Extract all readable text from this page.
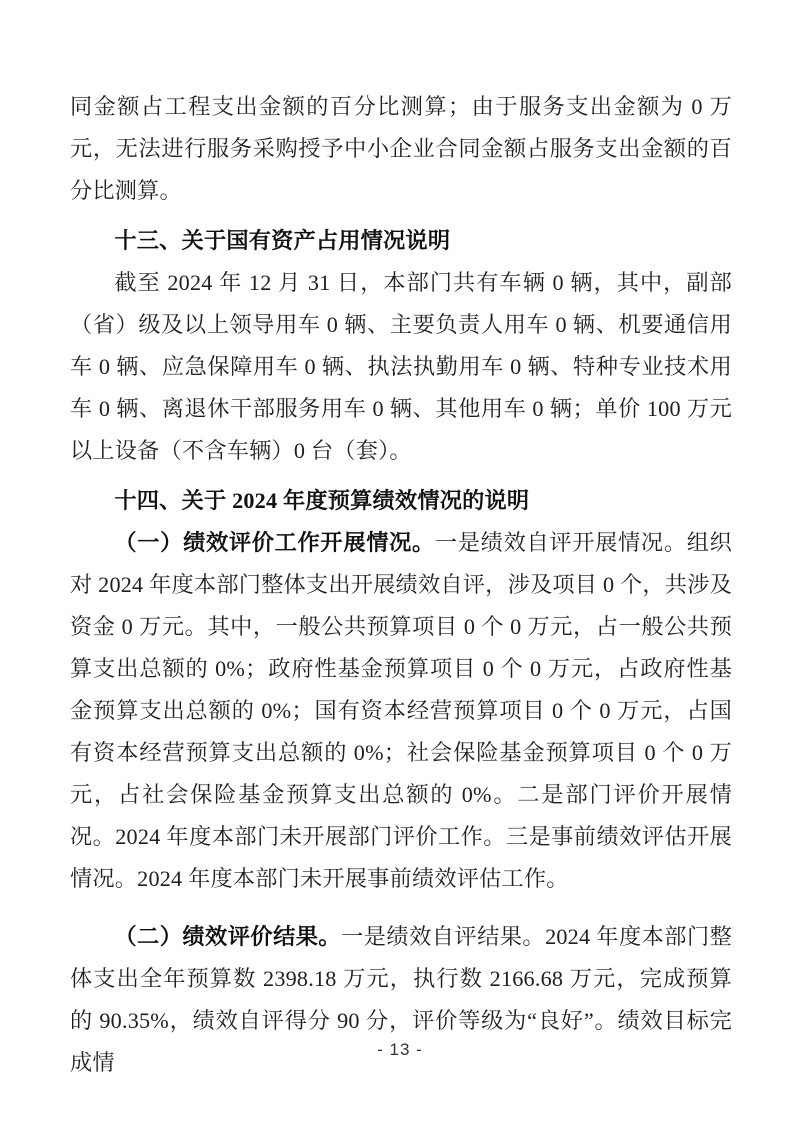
同金额占工程支出金额的百分比测算；由于服务支出金额为 0 万元，无法进行服务采购授予中小企业合同金额占服务支出金额的百分比测算。

十三、关于国有资产占用情况说明

截至 2024 年 12 月 31 日，本部门共有车辆 0 辆，其中，副部（省）级及以上领导用车 0 辆、主要负责人用车 0 辆、机要通信用车 0 辆、应急保障用车 0 辆、执法执勤用车 0 辆、特种专业技术用车 0 辆、离退休干部服务用车 0 辆、其他用车 0 辆；单价 100 万元以上设备（不含车辆）0 台（套）。

十四、关于 2024 年度预算绩效情况的说明

（一）绩效评价工作开展情况。一是绩效自评开展情况。组织对 2024 年度本部门整体支出开展绩效自评，涉及项目 0 个，共涉及资金 0 万元。其中，一般公共预算项目 0 个 0 万元，占一般公共预算支出总额的 0%；政府性基金预算项目 0 个 0 万元，占政府性基金预算支出总额的 0%；国有资本经营预算项目 0 个 0 万元，占国有资本经营预算支出总额的 0%；社会保险基金预算项目 0 个 0 万元，占社会保险基金预算支出总额的 0%。二是部门评价开展情况。2024 年度本部门未开展部门评价工作。三是事前绩效评估开展情况。2024 年度本部门未开展事前绩效评估工作。

（二）绩效评价结果。一是绩效自评结果。2024 年度本部门整体支出全年预算数 2398.18 万元，执行数 2166.68 万元，完成预算的 90.35%，绩效自评得分 90 分，评价等级为“良好”。绩效目标完成情

- 13 -
